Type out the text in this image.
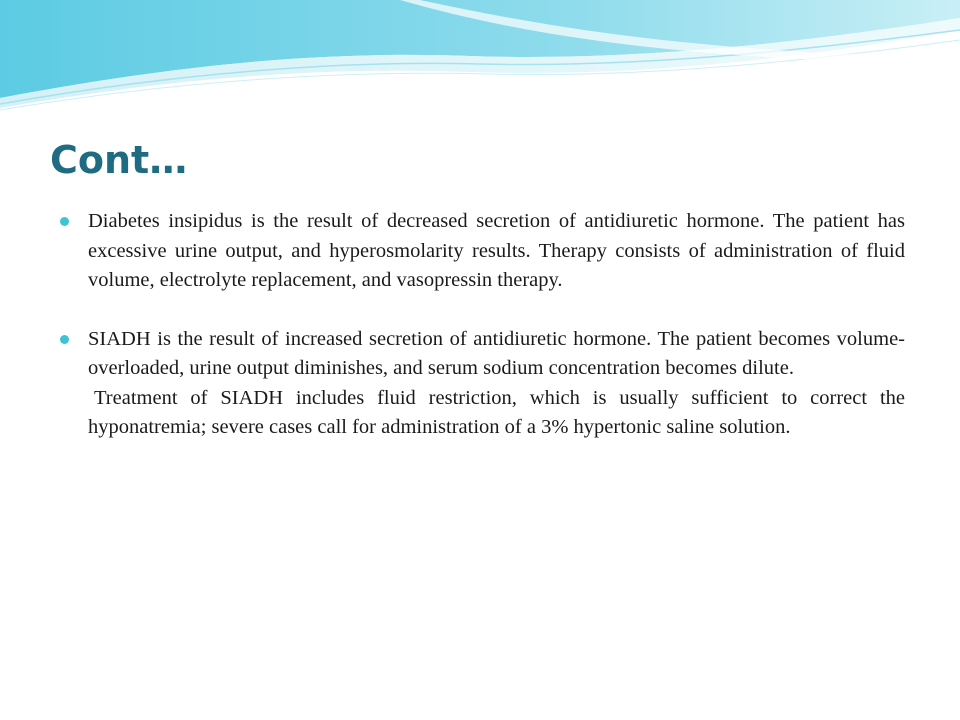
Cont…
Diabetes insipidus is the result of decreased secretion of antidiuretic hormone. The patient has excessive urine output, and hyperosmolarity results. Therapy consists of administration of fluid volume, electrolyte replacement, and vasopressin therapy.
SIADH is the result of increased secretion of antidiuretic hormone. The patient becomes volume-overloaded, urine output diminishes, and serum sodium concentration becomes dilute.
Treatment of SIADH includes fluid restriction, which is usually sufficient to correct the hyponatremia; severe cases call for administration of a 3% hypertonic saline solution.
